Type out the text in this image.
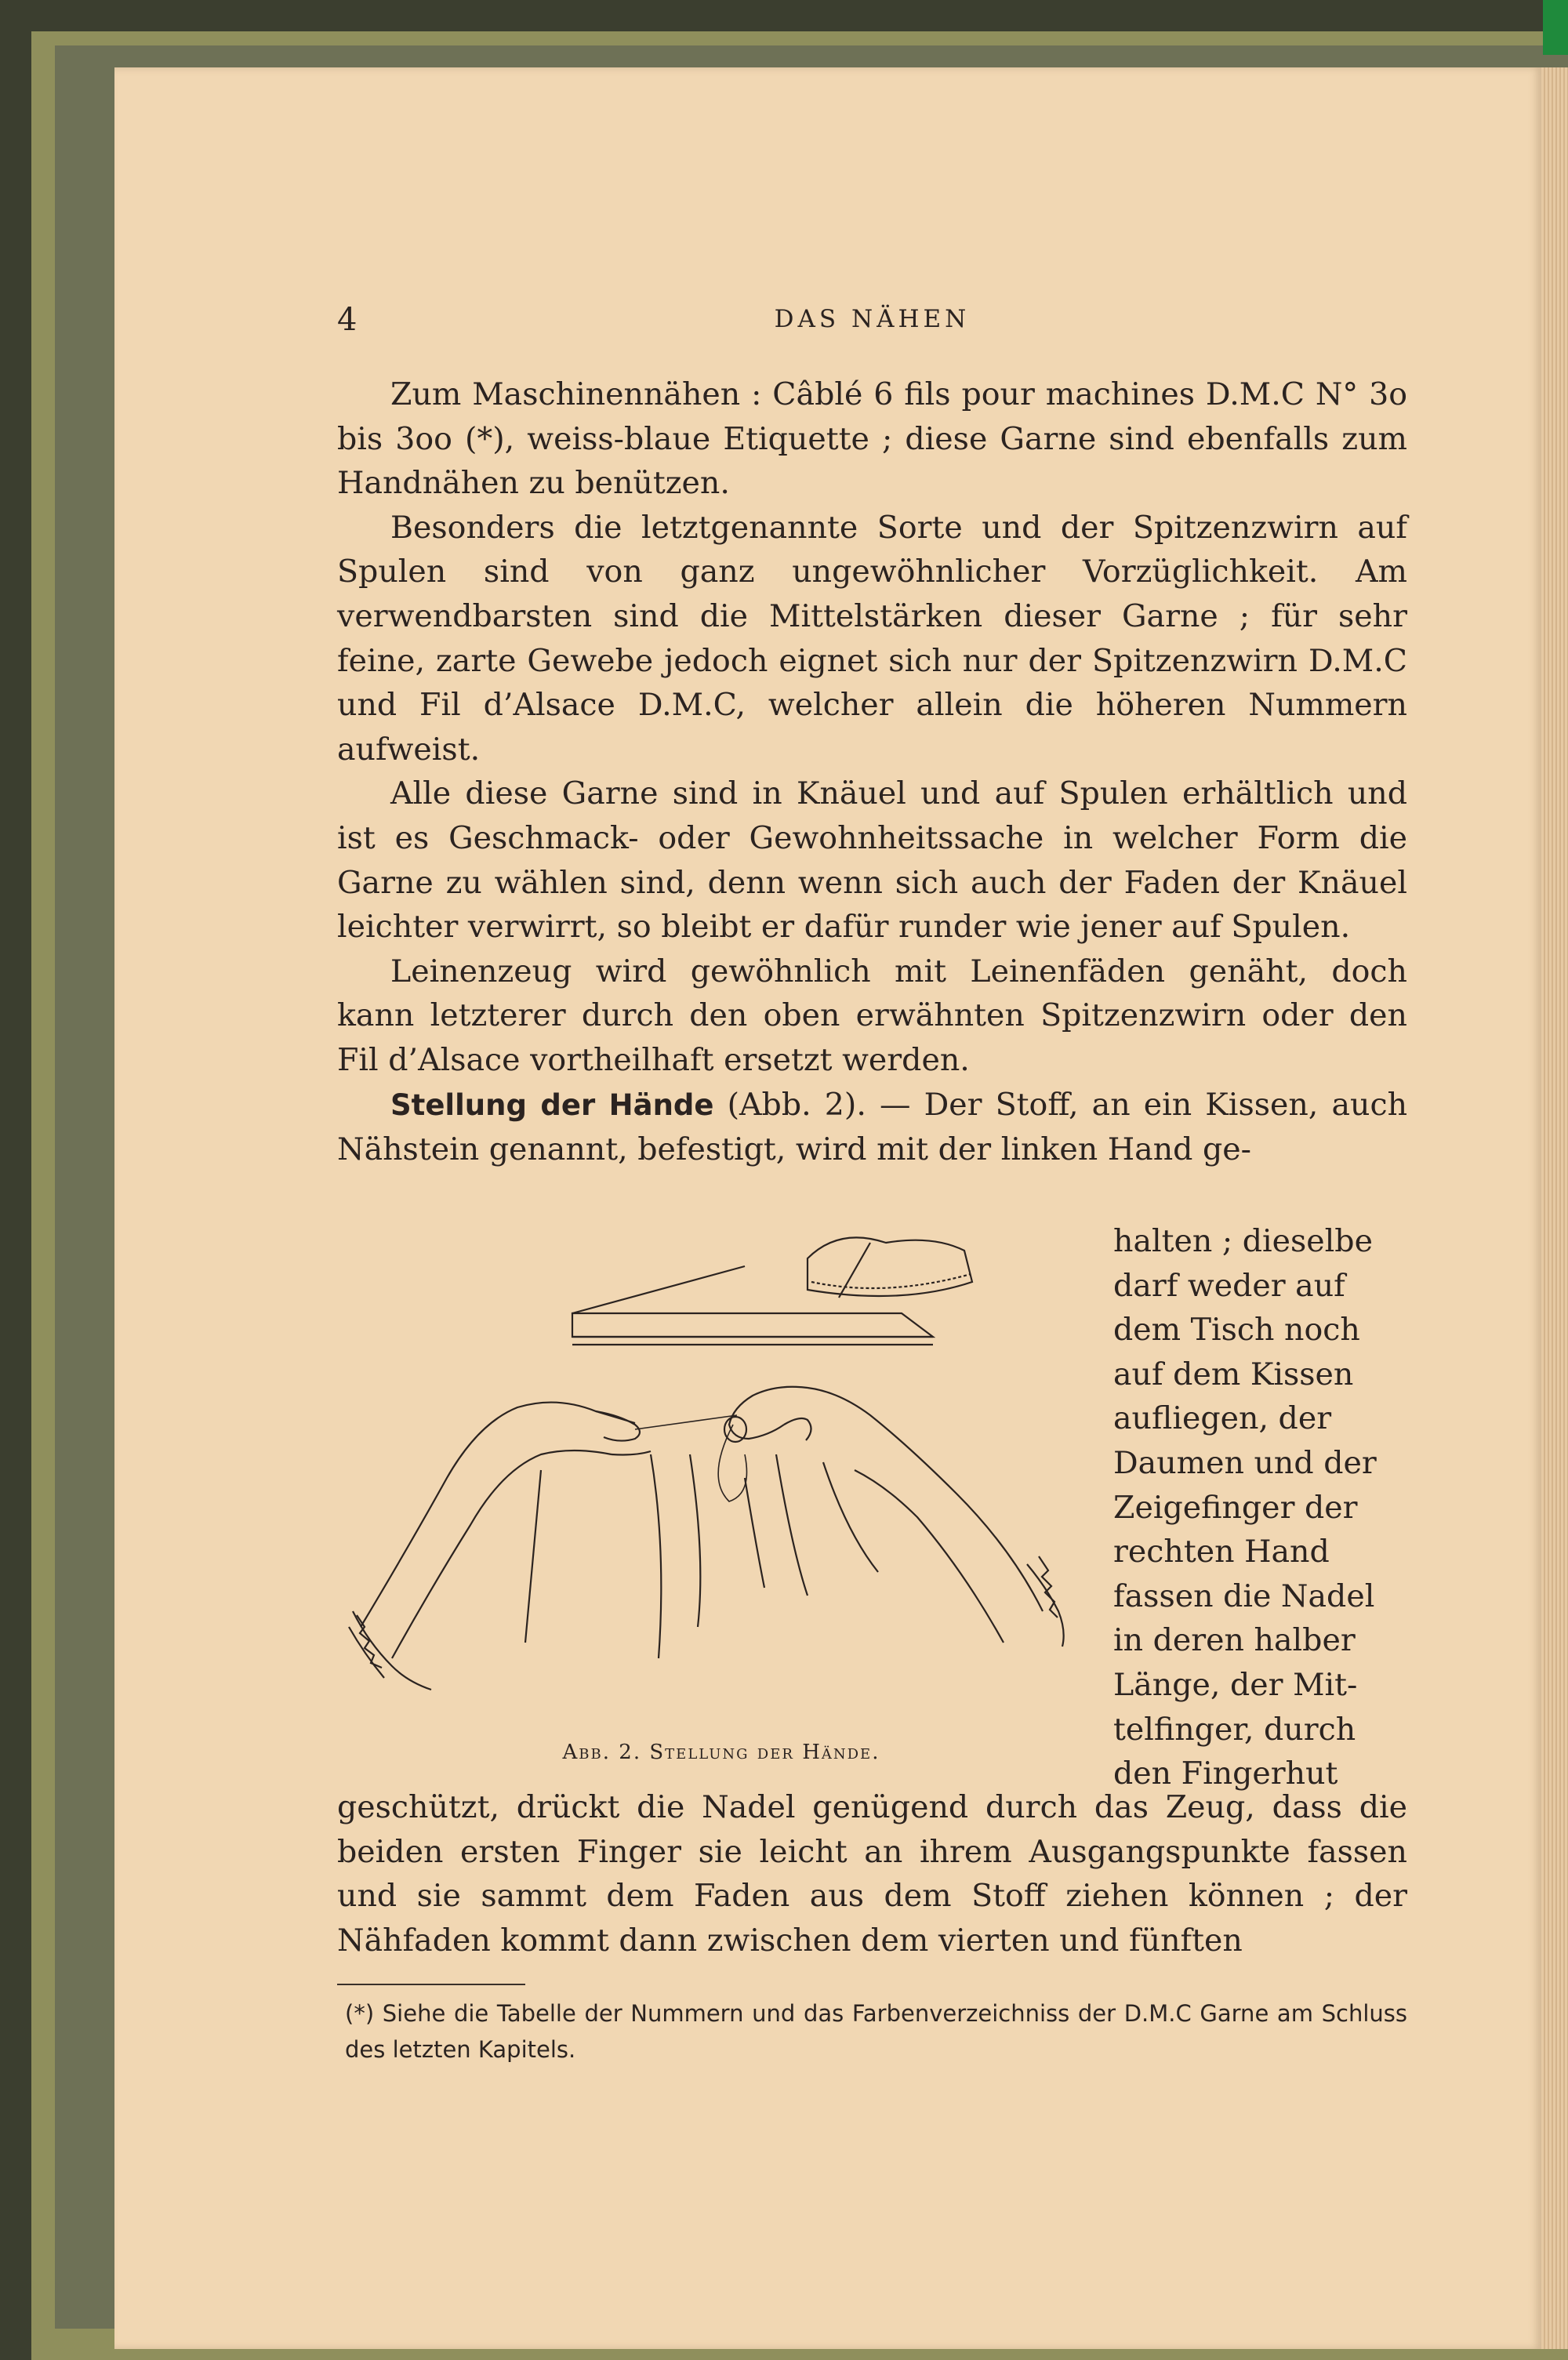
4	DAS NÄHEN

Zum Maschinennähen : Câblé 6 fils pour machines D.M.C N° 3o bis 3oo (*), weiss-blaue Etiquette ; diese Garne sind ebenfalls zum Handnähen zu benützen.

Besonders die letztgenannte Sorte und der Spitzenzwirn auf Spulen sind von ganz ungewöhnlicher Vorzüglichkeit. Am verwendbarsten sind die Mittelstärken dieser Garne ; für sehr feine, zarte Gewebe jedoch eignet sich nur der Spitzenzwirn D.M.C und Fil d’Alsace D.M.C, welcher allein die höheren Nummern aufweist.

Alle diese Garne sind in Knäuel und auf Spulen erhältlich und ist es Geschmack- oder Gewohnheitssache in welcher Form die Garne zu wählen sind, denn wenn sich auch der Faden der Knäuel leichter verwirrt, so bleibt er dafür runder wie jener auf Spulen.

Leinenzeug wird gewöhnlich mit Leinenfäden genäht, doch kann letzterer durch den oben erwähnten Spitzenzwirn oder den Fil d’Alsace vortheilhaft ersetzt werden.

Stellung der Hände (Abb. 2). — Der Stoff, an ein Kissen, auch Nähstein genannt, befestigt, wird mit der linken Hand ge-

halten ; dieselbe
darf weder auf
dem Tisch noch
auf dem Kissen
aufliegen, der
Daumen und der
Zeigefinger der
rechten Hand
fassen die Nadel
in deren halber
Länge, der Mit-
telfinger, durch
den Fingerhut
Abb. 2. Stellung der Hände.
geschützt, drückt die Nadel genügend durch das Zeug, dass die beiden ersten Finger sie leicht an ihrem Ausgangspunkte fassen und sie sammt dem Faden aus dem Stoff ziehen können ; der Nähfaden kommt dann zwischen dem vierten und fünften
(*) Siehe die Tabelle der Nummern und das Farbenverzeichniss der D.M.C Garne am Schluss des letzten Kapitels.
